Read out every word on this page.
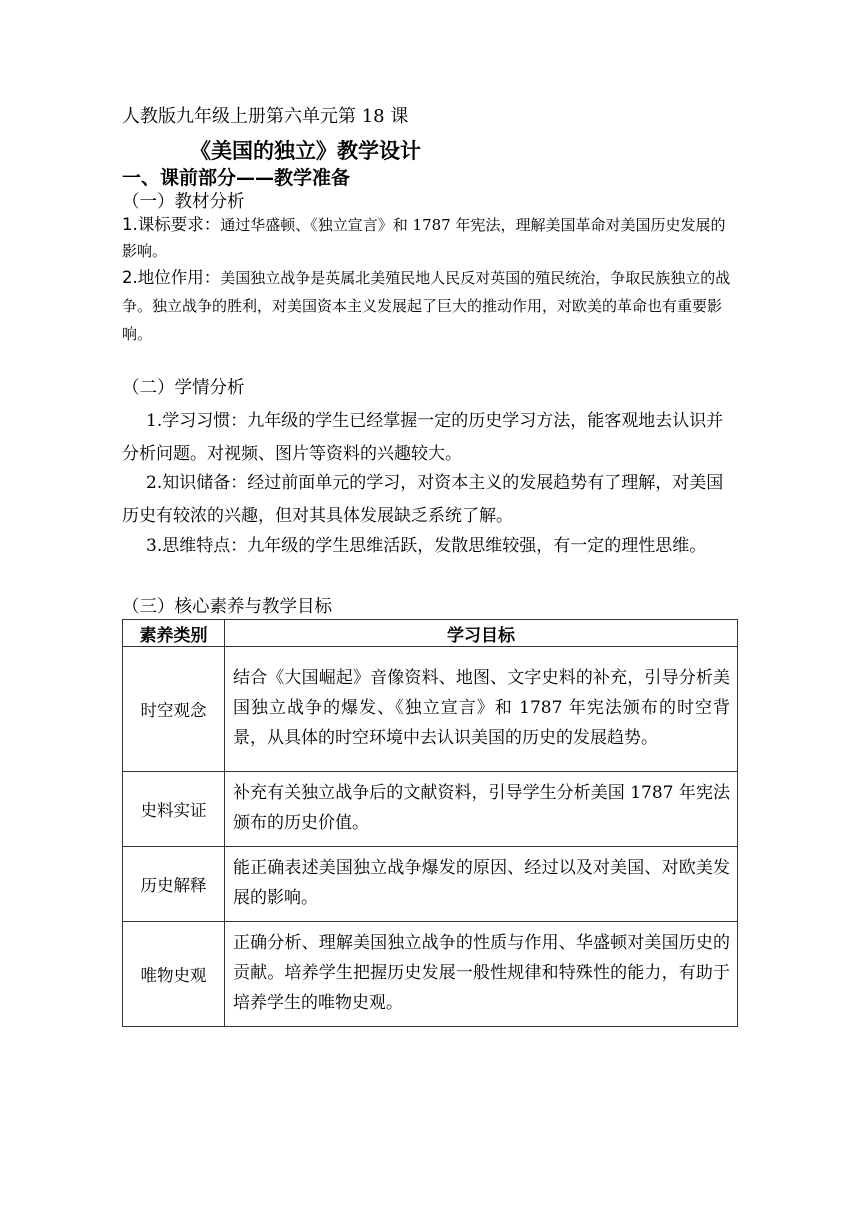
人教版九年级上册第六单元第 18 课
《美国的独立》教学设计
一、课前部分——教学准备
（一）教材分析
1.课标要求：通过华盛顿、《独立宣言》和 1787 年宪法，理解美国革命对美国历史发展的影响。
2.地位作用：美国独立战争是英属北美殖民地人民反对英国的殖民统治，争取民族独立的战争。独立战争的胜利，对美国资本主义发展起了巨大的推动作用，对欧美的革命也有重要影响。
（二）学情分析
1.学习习惯：九年级的学生已经掌握一定的历史学习方法，能客观地去认识并分析问题。对视频、图片等资料的兴趣较大。
2.知识储备：经过前面单元的学习，对资本主义的发展趋势有了理解，对美国历史有较浓的兴趣，但对其具体发展缺乏系统了解。
3.思维特点：九年级的学生思维活跃，发散思维较强，有一定的理性思维。
（三）核心素养与教学目标
素养类别	学习目标
时空观念	结合《大国崛起》音像资料、地图、文字史料的补充，引导分析美国独立战争的爆发、《独立宣言》和 1787 年宪法颁布的时空背景，从具体的时空环境中去认识美国的历史的发展趋势。
史料实证	补充有关独立战争后的文献资料，引导学生分析美国 1787 年宪法颁布的历史价值。
历史解释	能正确表述美国独立战争爆发的原因、经过以及对美国、对欧美发展的影响。
唯物史观	正确分析、理解美国独立战争的性质与作用、华盛顿对美国历史的贡献。培养学生把握历史发展一般性规律和特殊性的能力，有助于培养学生的唯物史观。
